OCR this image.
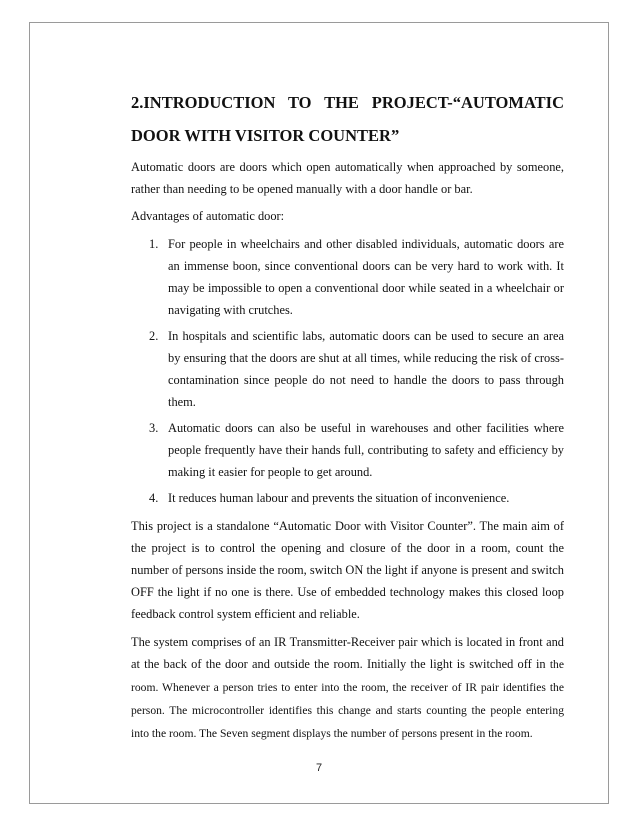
2.INTRODUCTION TO THE PROJECT-“AUTOMATIC
DOOR WITH VISITOR COUNTER”

Automatic doors are doors which open automatically when approached by someone, rather than needing to be opened manually with a door handle or bar.

Advantages of automatic door:

1. For people in wheelchairs and other disabled individuals, automatic doors are an immense boon, since conventional doors can be very hard to work with. It may be impossible to open a conventional door while seated in a wheelchair or navigating with crutches.
2. In hospitals and scientific labs, automatic doors can be used to secure an area by ensuring that the doors are shut at all times, while reducing the risk of cross-contamination since people do not need to handle the doors to pass through them.
3. Automatic doors can also be useful in warehouses and other facilities where people frequently have their hands full, contributing to safety and efficiency by making it easier for people to get around.
4. It reduces human labour and prevents the situation of inconvenience.

This project is a standalone “Automatic Door with Visitor Counter”. The main aim of the project is to control the opening and closure of the door in a room, count the number of persons inside the room, switch ON the light if anyone is present and switch OFF the light if no one is there. Use of embedded technology makes this closed loop feedback control system efficient and reliable.

The system comprises of an IR Transmitter-Receiver pair which is located in front and at the back of the door and outside the room. Initially the light is switched off in the room. Whenever a person tries to enter into the room, the receiver of IR pair identifies the person. The microcontroller identifies this change and starts counting the people entering into the room. The Seven segment displays the number of persons present in the room.

7
